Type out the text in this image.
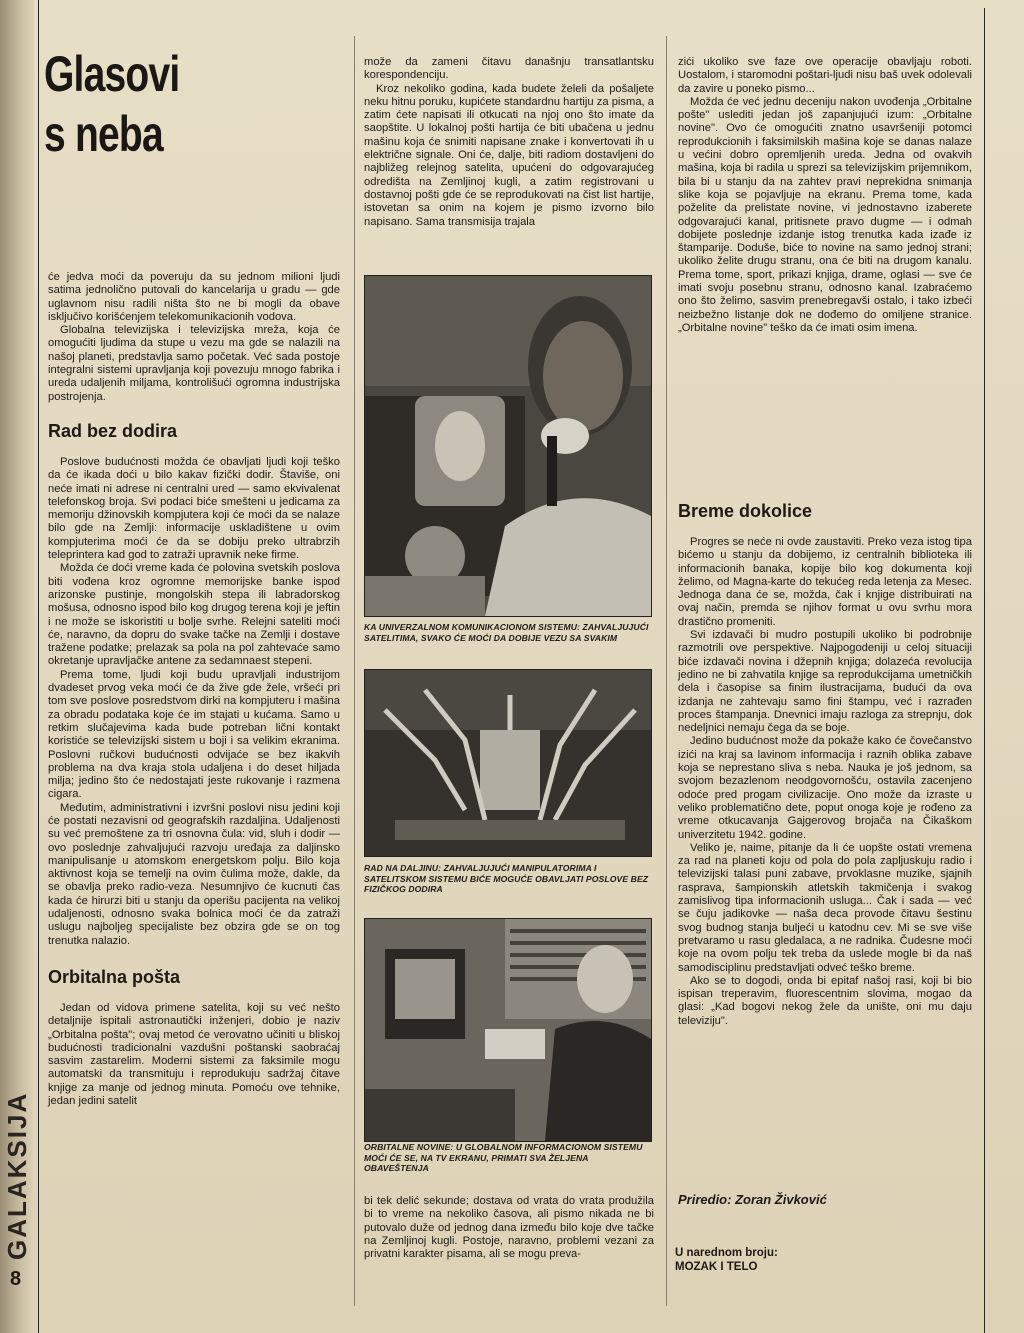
GALAKSIJA
8
Glasovi s neba

će jedva moći da poveruju da su jednom milioni ljudi satima jednolično putovali do kancelarija u gradu — gde uglavnom nisu radili ništa što ne bi mogli da obave isključivo korišćenjem telekomunikacionih vodova.

Globalna televizijska i televizijska mreža, koja će omogućiti ljudima da stupe u vezu ma gde se nalazili na našoj planeti, predstavlja samo početak. Već sada postoje integralni sistemi upravljanja koji povezuju mnogo fabrika i ureda udaljenih miljama, kontrolišući ogromna industrijska postrojenja.

Rad bez dodira

Poslove budućnosti možda će obavljati ljudi koji teško da će ikada doći u bilo kakav fizički dodir. Štaviše, oni neće imati ni adrese ni centralni ured — samo ekvivalenat telefonskog broja. Svi podaci biće smešteni u jedicama za memoriju džinovskih kompjutera koji će moći da se nalaze bilo gde na Zemlji: informacije uskladištene u ovim kompjuterima moći će da se dobiju preko ultrabrzih teleprintera kad god to zatraži upravnik neke firme.

Možda će doći vreme kada će polovina svetskih poslova biti vođena kroz ogromne memorijske banke ispod arizonske pustinje, mongolskih stepa ili labradorskog mošusa, odnosno ispod bilo kog drugog terena koji je jeftin i ne može se iskoristiti u bolje svrhe. Relejni sateliti moći će, naravno, da dopru do svake tačke na Zemlji i dostave tražene podatke; prelazak sa pola na pol zahtevaće samo okretanje upravljačke antene za sedamnaest stepeni.

Prema tome, ljudi koji budu upravljali industrijom dvadeset prvog veka moći će da žive gde žele, vršeći pri tom sve poslove posredstvom dirki na kompjuteru i mašina za obradu podataka koje će im stajati u kućama. Samo u retkim slučajevima kada bude potreban lični kontakt koristiće se televizijski sistem u boji i sa velikim ekranima. Poslovni ručkovi budućnosti odvijaće se bez ikakvih problema na dva kraja stola udaljena i do deset hiljada milja; jedino što će nedostajati jeste rukovanje i razmena cigara.

Međutim, administrativni i izvršni poslovi nisu jedini koji će postati nezavisni od geografskih razdaljina. Udaljenosti su već premoštene za tri osnovna čula: vid, sluh i dodir — ovo poslednje zahvaljujući razvoju uređaja za daljinsko manipulisanje u atomskom energetskom polju. Bilo koja aktivnost koja se temelji na ovim čulima može, dakle, da se obavlja preko radio-veza. Nesumnjivo će kucnuti čas kada će hirurzi biti u stanju da operišu pacijenta na velikoj udaljenosti, odnosno svaka bolnica moći će da zatraži uslugu najboljeg specijaliste bez obzira gde se on tog trenutka nalazio.

Orbitalna pošta

Jedan od vidova primene satelita, koji su već nešto detaljnije ispitali astronautički inženjeri, dobio je naziv „Orbitalna pošta"; ovaj metod će verovatno učiniti u bliskoj budućnosti tradicionalni vazdušni poštanski saobraćaj sasvim zastarelim. Moderni sistemi za faksimile mogu automatski da transmituju i reprodukuju sadržaj čitave knjige za manje od jednog minuta. Pomoću ove tehnike, jedan jedini satelit

može da zameni čitavu današnju transatlantsku korespondenciju.

Kroz nekoliko godina, kada budete želeli da pošaljete neku hitnu poruku, kupićete standardnu hartiju za pisma, a zatim ćete napisati ili otkucati na njoj ono što imate da saopštite. U lokalnoj pošti hartija će biti ubačena u jednu mašinu koja će snimiti napisane znake i konvertovati ih u električne signale. Oni će, dalje, biti radiom dostavljeni do najbližeg relejnog satelita, upućeni do odgovarajućeg odredišta na Zemljinoj kugli, a zatim registrovani u dostavnoj pošti gde će se reprodukovati na čist list hartije, istovetan sa onim na kojem je pismo izvorno bilo napisano. Sama transmisija trajala

KA UNIVERZALNOM KOMUNIKACIONOM SISTEMU: ZAHVALJUJUĆI SATELITIMA, SVAKO ĆE MOĆI DA DOBIJE VEZU SA SVAKIM
RAD NA DALJINU: ZAHVALJUJUĆI MANIPULATORIMA I SATELITSKOM SISTEMU BIĆE MOGUĆE OBAVLJATI POSLOVE BEZ FIZIČKOG DODIRA
ORBITALNE NOVINE: U GLOBALNOM INFORMACIONOM SISTEMU MOĆI ĆE SE, NA TV EKRANU, PRIMATI SVA ŽELJENA OBAVEŠTENJA

bi tek delić sekunde; dostava od vrata do vrata produžila bi to vreme na nekoliko časova, ali pismo nikada ne bi putovalo duže od jednog dana između bilo koje dve tačke na Zemljinoj kugli. Postoje, naravno, problemi vezani za privatni karakter pisama, ali se mogu preva-

zići ukoliko sve faze ove operacije obavljaju roboti. Uostalom, i staromodni poštari-ljudi nisu baš uvek odolevali da zavire u poneko pismo...

Možda će već jednu deceniju nakon uvođenja „Orbitalne pošte" uslediti jedan još zapanjujući izum: „Orbitalne novine". Ovo će omogućiti znatno usavršeniji potomci reprodukcionih i faksimilskih mašina koje se danas nalaze u većini dobro opremljenih ureda. Jedna od ovakvih mašina, koja bi radila u sprezi sa televizijskim prijemnikom, bila bi u stanju da na zahtev pravi neprekidna snimanja slike koja se pojavljuje na ekranu. Prema tome, kada poželite da prelistate novine, vi jednostavno izaberete odgovarajući kanal, pritisnete pravo dugme — i odmah dobijete poslednje izdanje istog trenutka kada izađe iz štamparije. Doduše, biće to novine na samo jednoj strani; ukoliko želite drugu stranu, ona će biti na drugom kanalu. Prema tome, sport, prikazi knjiga, drame, oglasi — sve će imati svoju posebnu stranu, odnosno kanal. Izabraćemo ono što želimo, sasvim prenebregavši ostalo, i tako izbeći neizbežno listanje dok ne dođemo do omiljene stranice. „Orbitalne novine" teško da će imati osim imena.

Breme dokolice

Progres se neće ni ovde zaustaviti. Preko veza istog tipa bićemo u stanju da dobijemo, iz centralnih biblioteka ili informacionih banaka, kopije bilo kog dokumenta koji želimo, od Magna-karte do tekućeg reda letenja za Mesec. Jednoga dana će se, možda, čak i knjige distribuirati na ovaj način, premda se njihov format u ovu svrhu mora drastično promeniti.

Svi izdavači bi mudro postupili ukoliko bi podrobnije razmotrili ove perspektive. Najpogodeniji u celoj situaciji biće izdavači novina i džepnih knjiga; dolazeća revolucija jedino ne bi zahvatila knjige sa reprodukcijama umetničkih dela i časopise sa finim ilustracijama, budući da ova izdanja ne zahtevaju samo fini štampu, već i razrađen proces štampanja. Dnevnici imaju razloga za strepnju, dok nedeljnici nemaju čega da se boje.

Jedino budućnost može da pokaže kako će čovečanstvo izići na kraj sa lavinom informacija i raznih oblika zabave koja se neprestano sliva s neba. Nauka je još jednom, sa svojom bezazlenom neodgovornošću, ostavila zacenjeno odoće pred progam civilizacije. Ono može da izraste u veliko problematično dete, poput onoga koje je rođeno za vreme otkucavanja Gajgerovog brojača na Čikaškom univerzitetu 1942. godine.

Veliko je, naime, pitanje da li će uopšte ostati vremena za rad na planeti koju od pola do pola zapljuskuju radio i televizijski talasi puni zabave, prvoklasne muzike, sjajnih rasprava, šampionskih atletskih takmičenja i svakog zamislivog tipa informacionih usluga... Čak i sada — već se čuju jadikovke — naša deca provode čitavu šestinu svog budnog stanja buljeći u katodnu cev. Mi se sve više pretvaramo u rasu gledalaca, a ne radnika. Čudesne moći koje na ovom polju tek treba da uslede mogle bi da naš samodisciplinu predstavljati odveć teško breme.

Ako se to dogodi, onda bi epitaf našoj rasi, koji bi bio ispisan treperavim, fluorescentnim slovima, mogao da glasi: „Kad bogovi nekog žele da unište, oni mu daju televiziju".

Priredio: Zoran Živković
U narednom broju:
MOZAK I TELO
